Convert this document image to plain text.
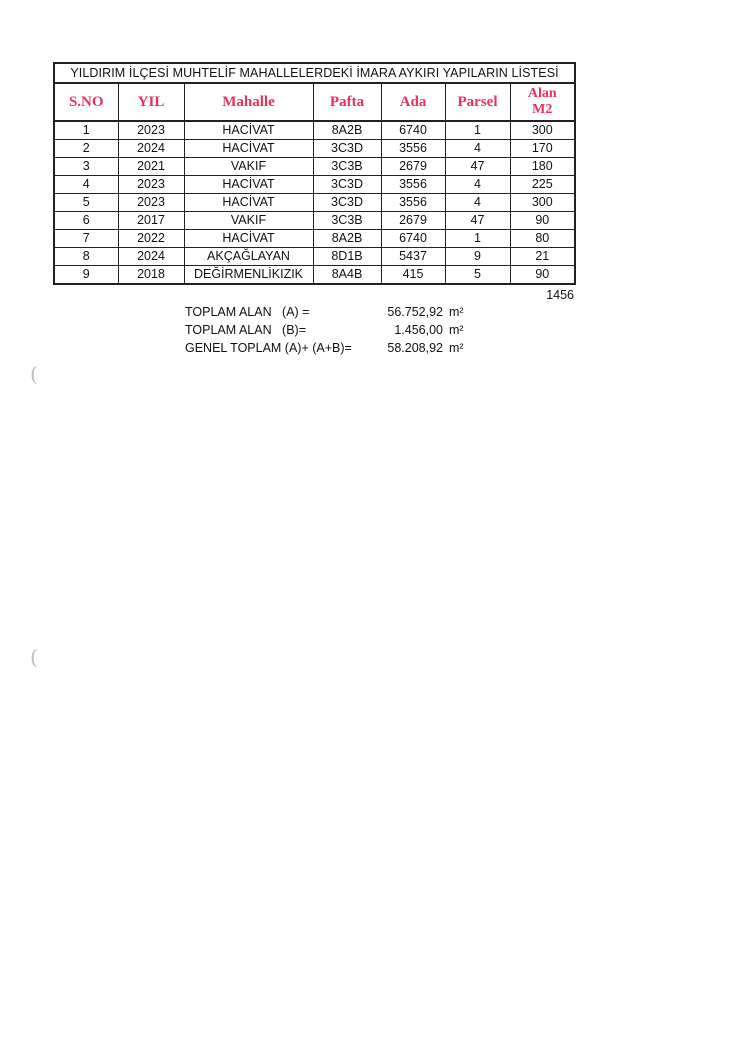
YILDIRIM İLÇESİ MUHTELİF MAHALLELERDEKİ İMARA AYKIRI YAPILARIN LİSTESİ						
S.NO	YIL	Mahalle	Pafta	Ada	Parsel	Alan
M2
1	2023	HACİVAT	8A2B	6740	1	300
2	2024	HACİVAT	3C3D	3556	4	170
3	2021	VAKIF	3C3B	2679	47	180
4	2023	HACİVAT	3C3D	3556	4	225
5	2023	HACİVAT	3C3D	3556	4	300
6	2017	VAKIF	3C3B	2679	47	90
7	2022	HACİVAT	8A2B	6740	1	80
8	2024	AKÇAĞLAYAN	8D1B	5437	9	21
9	2018	DEĞİRMENLİKIZIK	8A4B	415	5	90
1456
TOPLAM ALAN   (A) =	56.752,92 m²
TOPLAM ALAN   (B)=	1.456,00 m²
GENEL TOPLAM (A)+ (A+B)=	58.208,92 m²
(
(
